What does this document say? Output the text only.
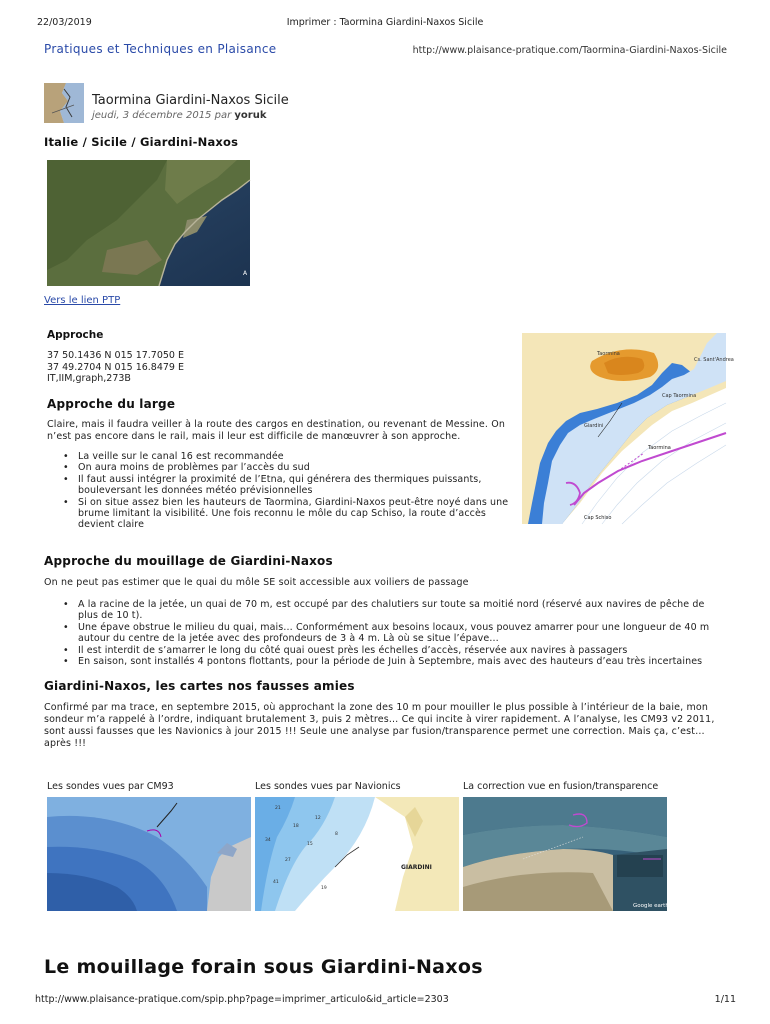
22/03/2019	Imprimer : Taormina Giardini-Naxos Sicile
Pratiques et Techniques en Plaisance	http://www.plaisance-pratique.com/Taormina-Giardini-Naxos-Sicile
Taormina Giardini-Naxos Sicile
jeudi, 3 décembre 2015 par yoruk
Italie / Sicile / Giardini-Naxos
A
Vers le lien PTP
Approche
37 50.1436 N 015 17.7050 E
37 49.2704 N 015 16.8479 E
IT,IIM,graph,273B
Taormina
Cs. Sant'Andrea
Cap Taormina
Giardini
Taormina
Cap Schiso
Approche du large
Claire, mais il faudra veiller à la route des cargos en destination, ou revenant de Messine. On
n’est pas encore dans le rail, mais il leur est difficile de manœuvrer à son approche.
• La veille sur le canal 16 est recommandée
• On aura moins de problèmes par l’accès du sud
• Il faut aussi intégrer la proximité de l’Etna, qui générera des thermiques puissants,
bouleversant les données météo prévisionnelles
• Si on situe assez bien les hauteurs de Taormina, Giardini-Naxos peut-être noyé dans une
brume limitant la visibilité. Une fois reconnu le môle du cap Schiso, la route d’accès
devient claire
Approche du mouillage de Giardini-Naxos
On ne peut pas estimer que le quai du môle SE soit accessible aux voiliers de passage
• A la racine de la jetée, un quai de 70 m, est occupé par des chalutiers sur toute sa moitié nord (réservé aux navires de pêche de
plus de 10 t).
• Une épave obstrue le milieu du quai, mais… Conformément aux besoins locaux, vous pouvez amarrer pour une longueur de 40 m
autour du centre de la jetée avec des profondeurs de 3 à 4 m. Là où se situe l’épave…
• Il est interdit de s’amarrer le long du côté quai ouest près les échelles d’accès, réservée aux navires à passagers
• En saison, sont installés 4 pontons flottants, pour la période de Juin à Septembre, mais avec des hauteurs d’eau très incertaines
Giardini-Naxos, les cartes nos fausses amies
Confirmé par ma trace, en septembre 2015, où approchant la zone des 10 m pour mouiller le plus possible à l’intérieur de la baie, mon
sondeur m’a rappelé à l’ordre, indiquant brutalement 3, puis 2 mètres… Ce qui incite à virer rapidement. A l’analyse, les CM93 v2 2011,
sont aussi fausses que les Navionics à jour 2015 !!! Seule une analyse par fusion/transparence permet une correction. Mais ça, c’est…
après !!!
Les sondes vues par CM93	Les sondes vues par Navionics	La correction vue en fusion/transparence
21
18
34
12
15
27
8
41
19
GIARDINI
Google earth
Le mouillage forain sous Giardini-Naxos
http://www.plaisance-pratique.com/spip.php?page=imprimer_articulo&id_article=2303	1/11
